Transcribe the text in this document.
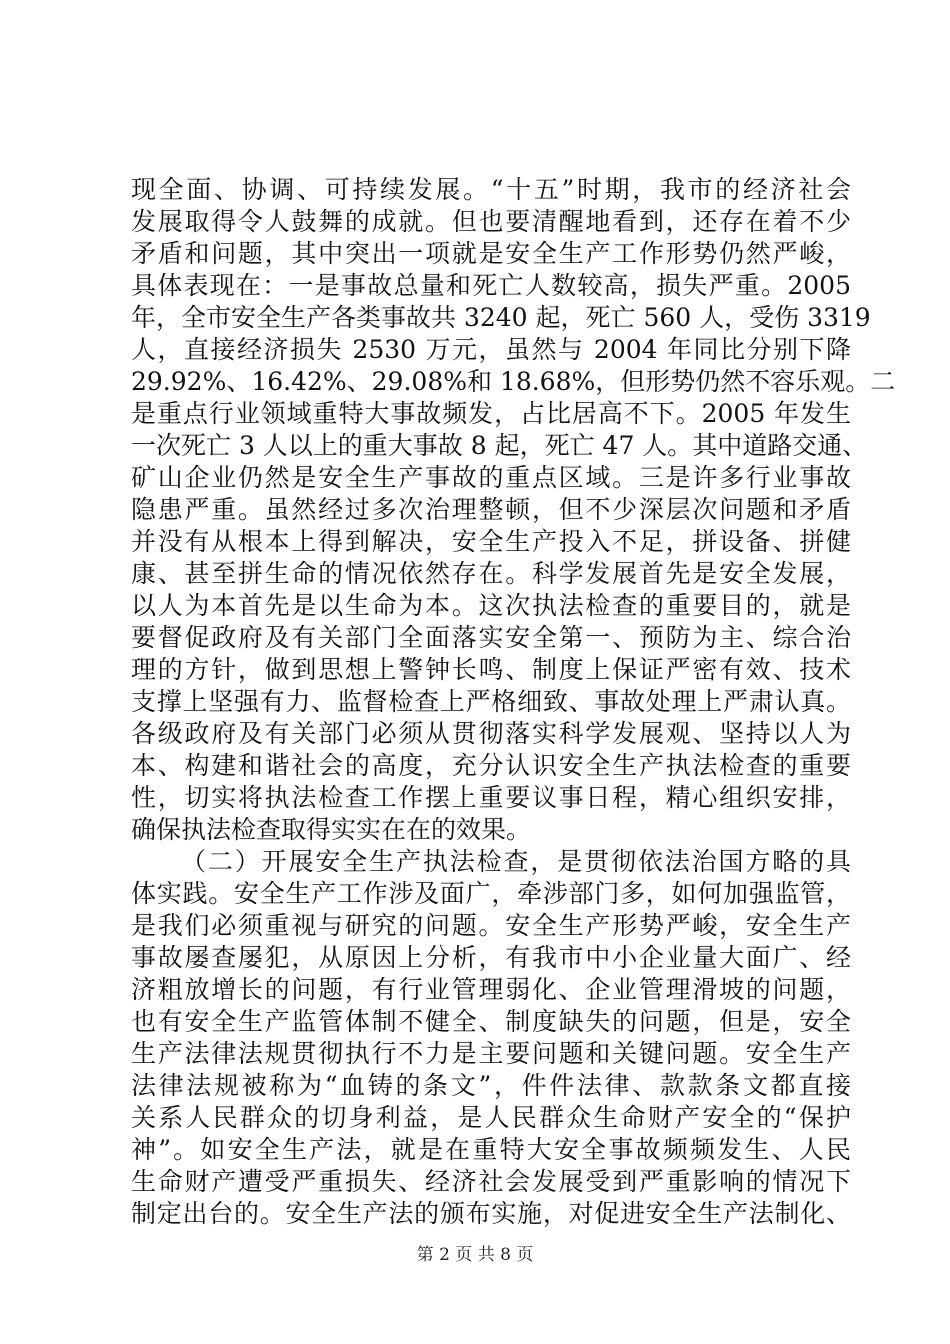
现全面、协调、可持续发展。“十五”时期，我市的经济社会
发展取得令人鼓舞的成就。但也要清醒地看到，还存在着不少
矛盾和问题，其中突出一项就是安全生产工作形势仍然严峻，
具体表现在：一是事故总量和死亡人数较高，损失严重。2005
年，全市安全生产各类事故共 3240 起，死亡 560 人，受伤 3319
人，直接经济损失 2530 万元，虽然与 2004 年同比分别下降
29.92%、16.42%、29.08%和 18.68%，但形势仍然不容乐观。二
是重点行业领域重特大事故频发，占比居高不下。2005 年发生
一次死亡 3 人以上的重大事故 8 起，死亡 47 人。其中道路交通、
矿山企业仍然是安全生产事故的重点区域。三是许多行业事故
隐患严重。虽然经过多次治理整顿，但不少深层次问题和矛盾
并没有从根本上得到解决，安全生产投入不足，拼设备、拼健
康、甚至拼生命的情况依然存在。科学发展首先是安全发展，
以人为本首先是以生命为本。这次执法检查的重要目的，就是
要督促政府及有关部门全面落实安全第一、预防为主、综合治
理的方针，做到思想上警钟长鸣、制度上保证严密有效、技术
支撑上坚强有力、监督检查上严格细致、事故处理上严肃认真。
各级政府及有关部门必须从贯彻落实科学发展观、坚持以人为
本、构建和谐社会的高度，充分认识安全生产执法检查的重要
性，切实将执法检查工作摆上重要议事日程，精心组织安排，
确保执法检查取得实实在在的效果。
（二）开展安全生产执法检查，是贯彻依法治国方略的具
体实践。安全生产工作涉及面广，牵涉部门多，如何加强监管，
是我们必须重视与研究的问题。安全生产形势严峻，安全生产
事故屡查屡犯，从原因上分析，有我市中小企业量大面广、经
济粗放增长的问题，有行业管理弱化、企业管理滑坡的问题，
也有安全生产监管体制不健全、制度缺失的问题，但是，安全
生产法律法规贯彻执行不力是主要问题和关键问题。安全生产
法律法规被称为“血铸的条文”，件件法律、款款条文都直接
关系人民群众的切身利益，是人民群众生命财产安全的“保护
神”。如安全生产法，就是在重特大安全事故频频发生、人民
生命财产遭受严重损失、经济社会发展受到严重影响的情况下
制定出台的。安全生产法的颁布实施，对促进安全生产法制化、
第 2 页 共 8 页
